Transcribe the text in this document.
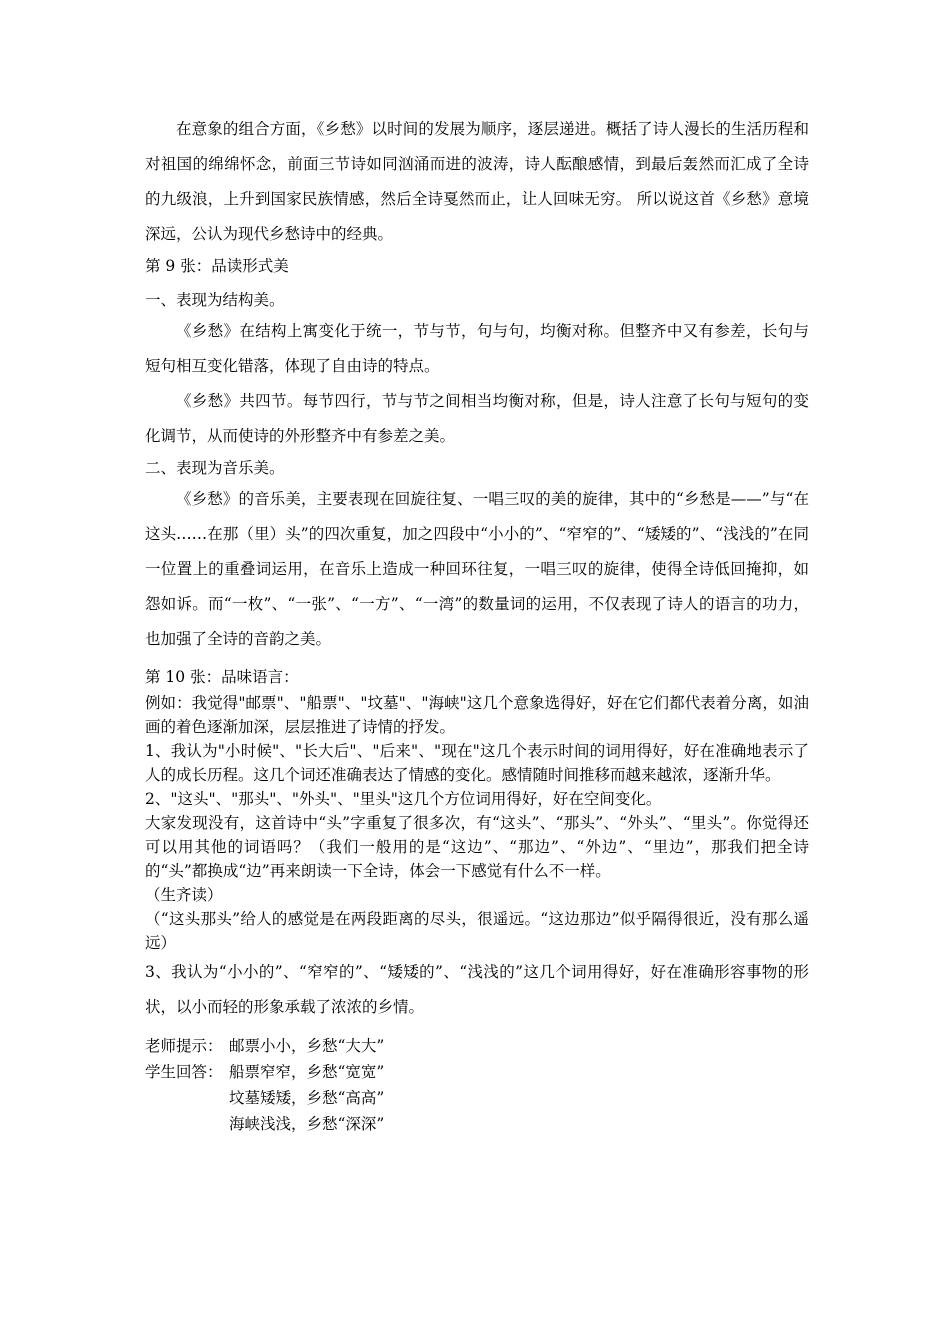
在意象的组合方面，《乡愁》以时间的发展为顺序，逐层递进。概括了诗人漫长的生活历程和对祖国的绵绵怀念，前面三节诗如同汹涌而进的波涛，诗人酝酿感情，到最后轰然而汇成了全诗的九级浪，上升到国家民族情感，然后全诗戛然而止，让人回味无穷。 所以说这首《乡愁》意境深远，公认为现代乡愁诗中的经典。

第 9 张：品读形式美

一、表现为结构美。

《乡愁》在结构上寓变化于统一，节与节，句与句，均衡对称。但整齐中又有参差，长句与短句相互变化错落，体现了自由诗的特点。

《乡愁》共四节。每节四行，节与节之间相当均衡对称，但是，诗人注意了长句与短句的变化调节，从而使诗的外形整齐中有参差之美。

二、表现为音乐美。

《乡愁》的音乐美，主要表现在回旋往复、一唱三叹的美的旋律，其中的“乡愁是——”与“在这头……在那（里）头”的四次重复，加之四段中“小小的”、“窄窄的”、“矮矮的”、“浅浅的”在同一位置上的重叠词运用，在音乐上造成一种回环往复，一唱三叹的旋律，使得全诗低回掩抑，如怨如诉。而“一枚”、“一张”、“一方”、“一湾”的数量词的运用，不仅表现了诗人的语言的功力，也加强了全诗的音韵之美。

第 10 张：品味语言：

例如：我觉得"邮票"、"船票"、"坟墓"、"海峡"这几个意象选得好，好在它们都代表着分离，如油画的着色逐渐加深，层层推进了诗情的抒发。

1、我认为"小时候"、"长大后"、"后来"、"现在"这几个表示时间的词用得好，好在准确地表示了人的成长历程。这几个词还准确表达了情感的变化。感情随时间推移而越来越浓，逐渐升华。

2、"这头"、"那头"、"外头"、"里头"这几个方位词用得好，好在空间变化。

大家发现没有，这首诗中“头”字重复了很多次，有“这头”、“那头”、“外头”、“里头”。你觉得还可以用其他的词语吗？（我们一般用的是“这边”、“那边”、“外边”、“里边”，那我们把全诗的“头”都换成“边”再来朗读一下全诗，体会一下感觉有什么不一样。

（生齐读）

（“这头那头”给人的感觉是在两段距离的尽头，很遥远。“这边那边”似乎隔得很近，没有那么遥远）

3、我认为“小小的”、“窄窄的”、“矮矮的”、“浅浅的”这几个词用得好，好在准确形容事物的形状，以小而轻的形象承载了浓浓的乡情。

老师提示： 邮票小小，乡愁“大大”
学生回答： 船票窄窄，乡愁“宽宽”
坟墓矮矮，乡愁“高高”
海峡浅浅，乡愁“深深”
